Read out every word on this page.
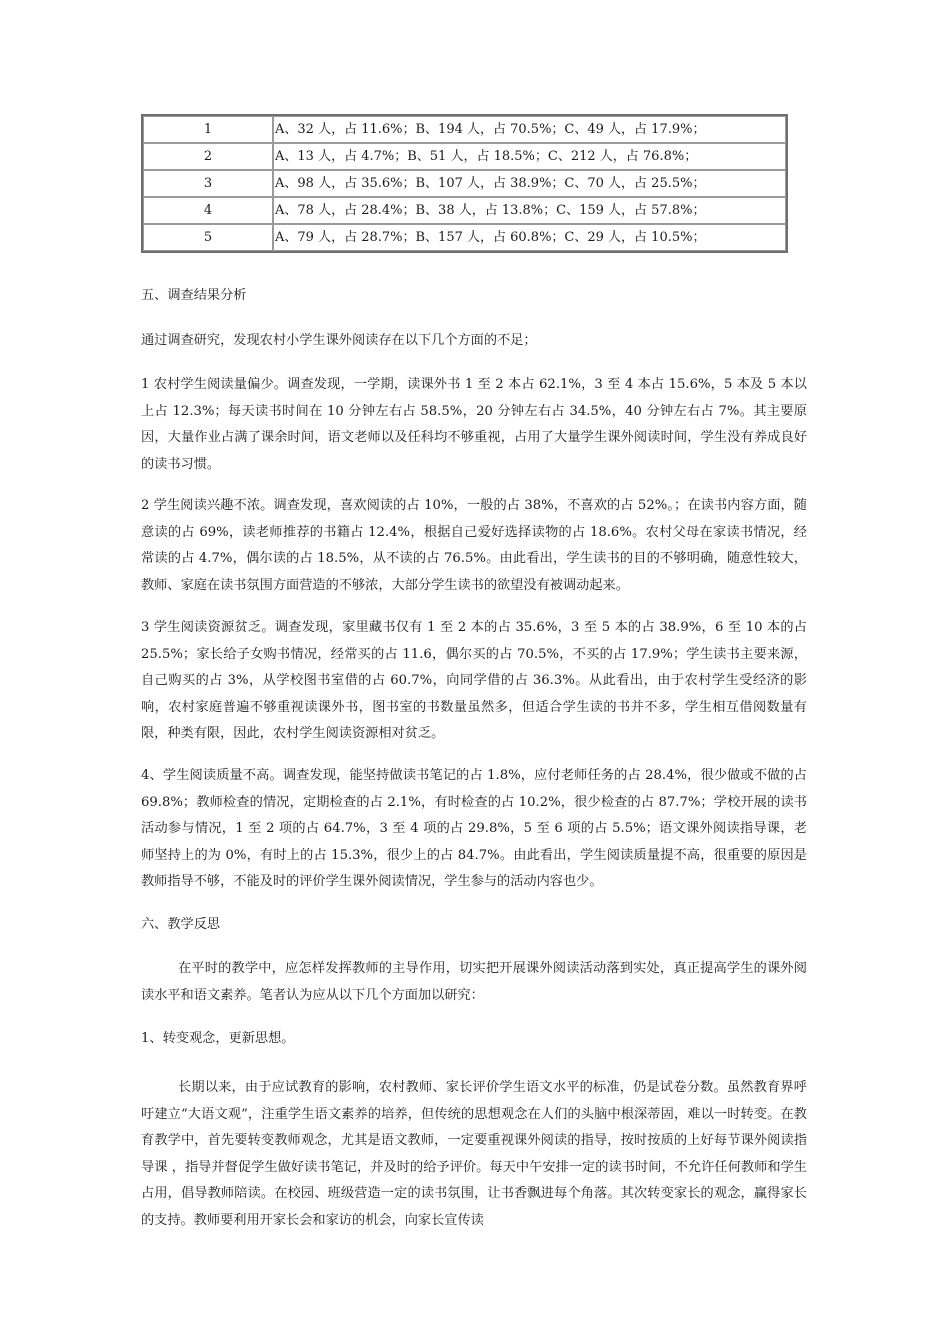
1	A、32 人，占 11.6%；B、194 人，占 70.5%；C、49 人，占 17.9%；
2	A、13 人，占 4.7%；B、51 人，占 18.5%；C、212 人，占 76.8%；
3	A、98 人，占 35.6%；B、107 人，占 38.9%；C、70 人，占 25.5%；
4	A、78 人，占 28.4%；B、38 人，占 13.8%；C、159 人，占 57.8%；
5	A、79 人，占 28.7%；B、157 人，占 60.8%；C、29 人，占 10.5%；
五、调查结果分析
通过调查研究，发现农村小学生课外阅读存在以下几个方面的不足；
1 农村学生阅读量偏少。调查发现，一学期，读课外书 1 至 2 本占 62.1%，3 至 4 本占 15.6%，5 本及 5 本以上占 12.3%；每天读书时间在 10 分钟左右占 58.5%，20 分钟左右占 34.5%，40 分钟左右占 7%。其主要原因，大量作业占满了课余时间，语文老师以及任科均不够重视，占用了大量学生课外阅读时间，学生没有养成良好的读书习惯。
2 学生阅读兴趣不浓。调查发现，喜欢阅读的占 10%，一般的占 38%，不喜欢的占 52%。；在读书内容方面，随意读的占 69%，读老师推荐的书籍占 12.4%，根据自己爱好选择读物的占 18.6%。农村父母在家读书情况，经常读的占 4.7%，偶尔读的占 18.5%，从不读的占 76.5%。由此看出，学生读书的目的不够明确，随意性较大，教师、家庭在读书氛围方面营造的不够浓，大部分学生读书的欲望没有被调动起来。
3 学生阅读资源贫乏。调查发现，家里藏书仅有 1 至 2 本的占 35.6%，3 至 5 本的占 38.9%，6 至 10 本的占 25.5%；家长给子女购书情况，经常买的占 11.6，偶尔买的占 70.5%，不买的占 17.9%；学生读书主要来源，自己购买的占 3%，从学校图书室借的占 60.7%，向同学借的占 36.3%。从此看出，由于农村学生受经济的影响，农村家庭普遍不够重视读课外书，图书室的书数量虽然多，但适合学生读的书并不多，学生相互借阅数量有限，种类有限，因此，农村学生阅读资源相对贫乏。
4、学生阅读质量不高。调查发现，能坚持做读书笔记的占 1.8%，应付老师任务的占 28.4%，很少做或不做的占 69.8%；教师检查的情况，定期检查的占 2.1%，有时检查的占 10.2%，很少检查的占 87.7%；学校开展的读书活动参与情况，1 至 2 项的占 64.7%，3 至 4 项的占 29.8%，5 至 6 项的占 5.5%；语文课外阅读指导课，老师坚持上的为 0%，有时上的占 15.3%，很少上的占 84.7%。由此看出，学生阅读质量提不高，很重要的原因是教师指导不够，不能及时的评价学生课外阅读情况，学生参与的活动内容也少。
六、教学反思
在平时的教学中，应怎样发挥教师的主导作用，切实把开展课外阅读活动落到实处，真正提高学生的课外阅读水平和语文素养。笔者认为应从以下几个方面加以研究：
1、转变观念，更新思想。
长期以来，由于应试教育的影响，农村教师、家长评价学生语文水平的标准，仍是试卷分数。虽然教育界呼吁建立“大语文观”，注重学生语文素养的培养，但传统的思想观念在人们的头脑中根深蒂固，难以一时转变。在教育教学中，首先要转变教师观念，尤其是语文教师，一定要重视课外阅读的指导，按时按质的上好每节课外阅读指导课 ，指导并督促学生做好读书笔记，并及时的给予评价。每天中午安排一定的读书时间，不允许任何教师和学生占用，倡导教师陪读。在校园、班级营造一定的读书氛围，让书香飘进每个角落。其次转变家长的观念，赢得家长的支持。教师要利用开家长会和家访的机会，向家长宣传读
